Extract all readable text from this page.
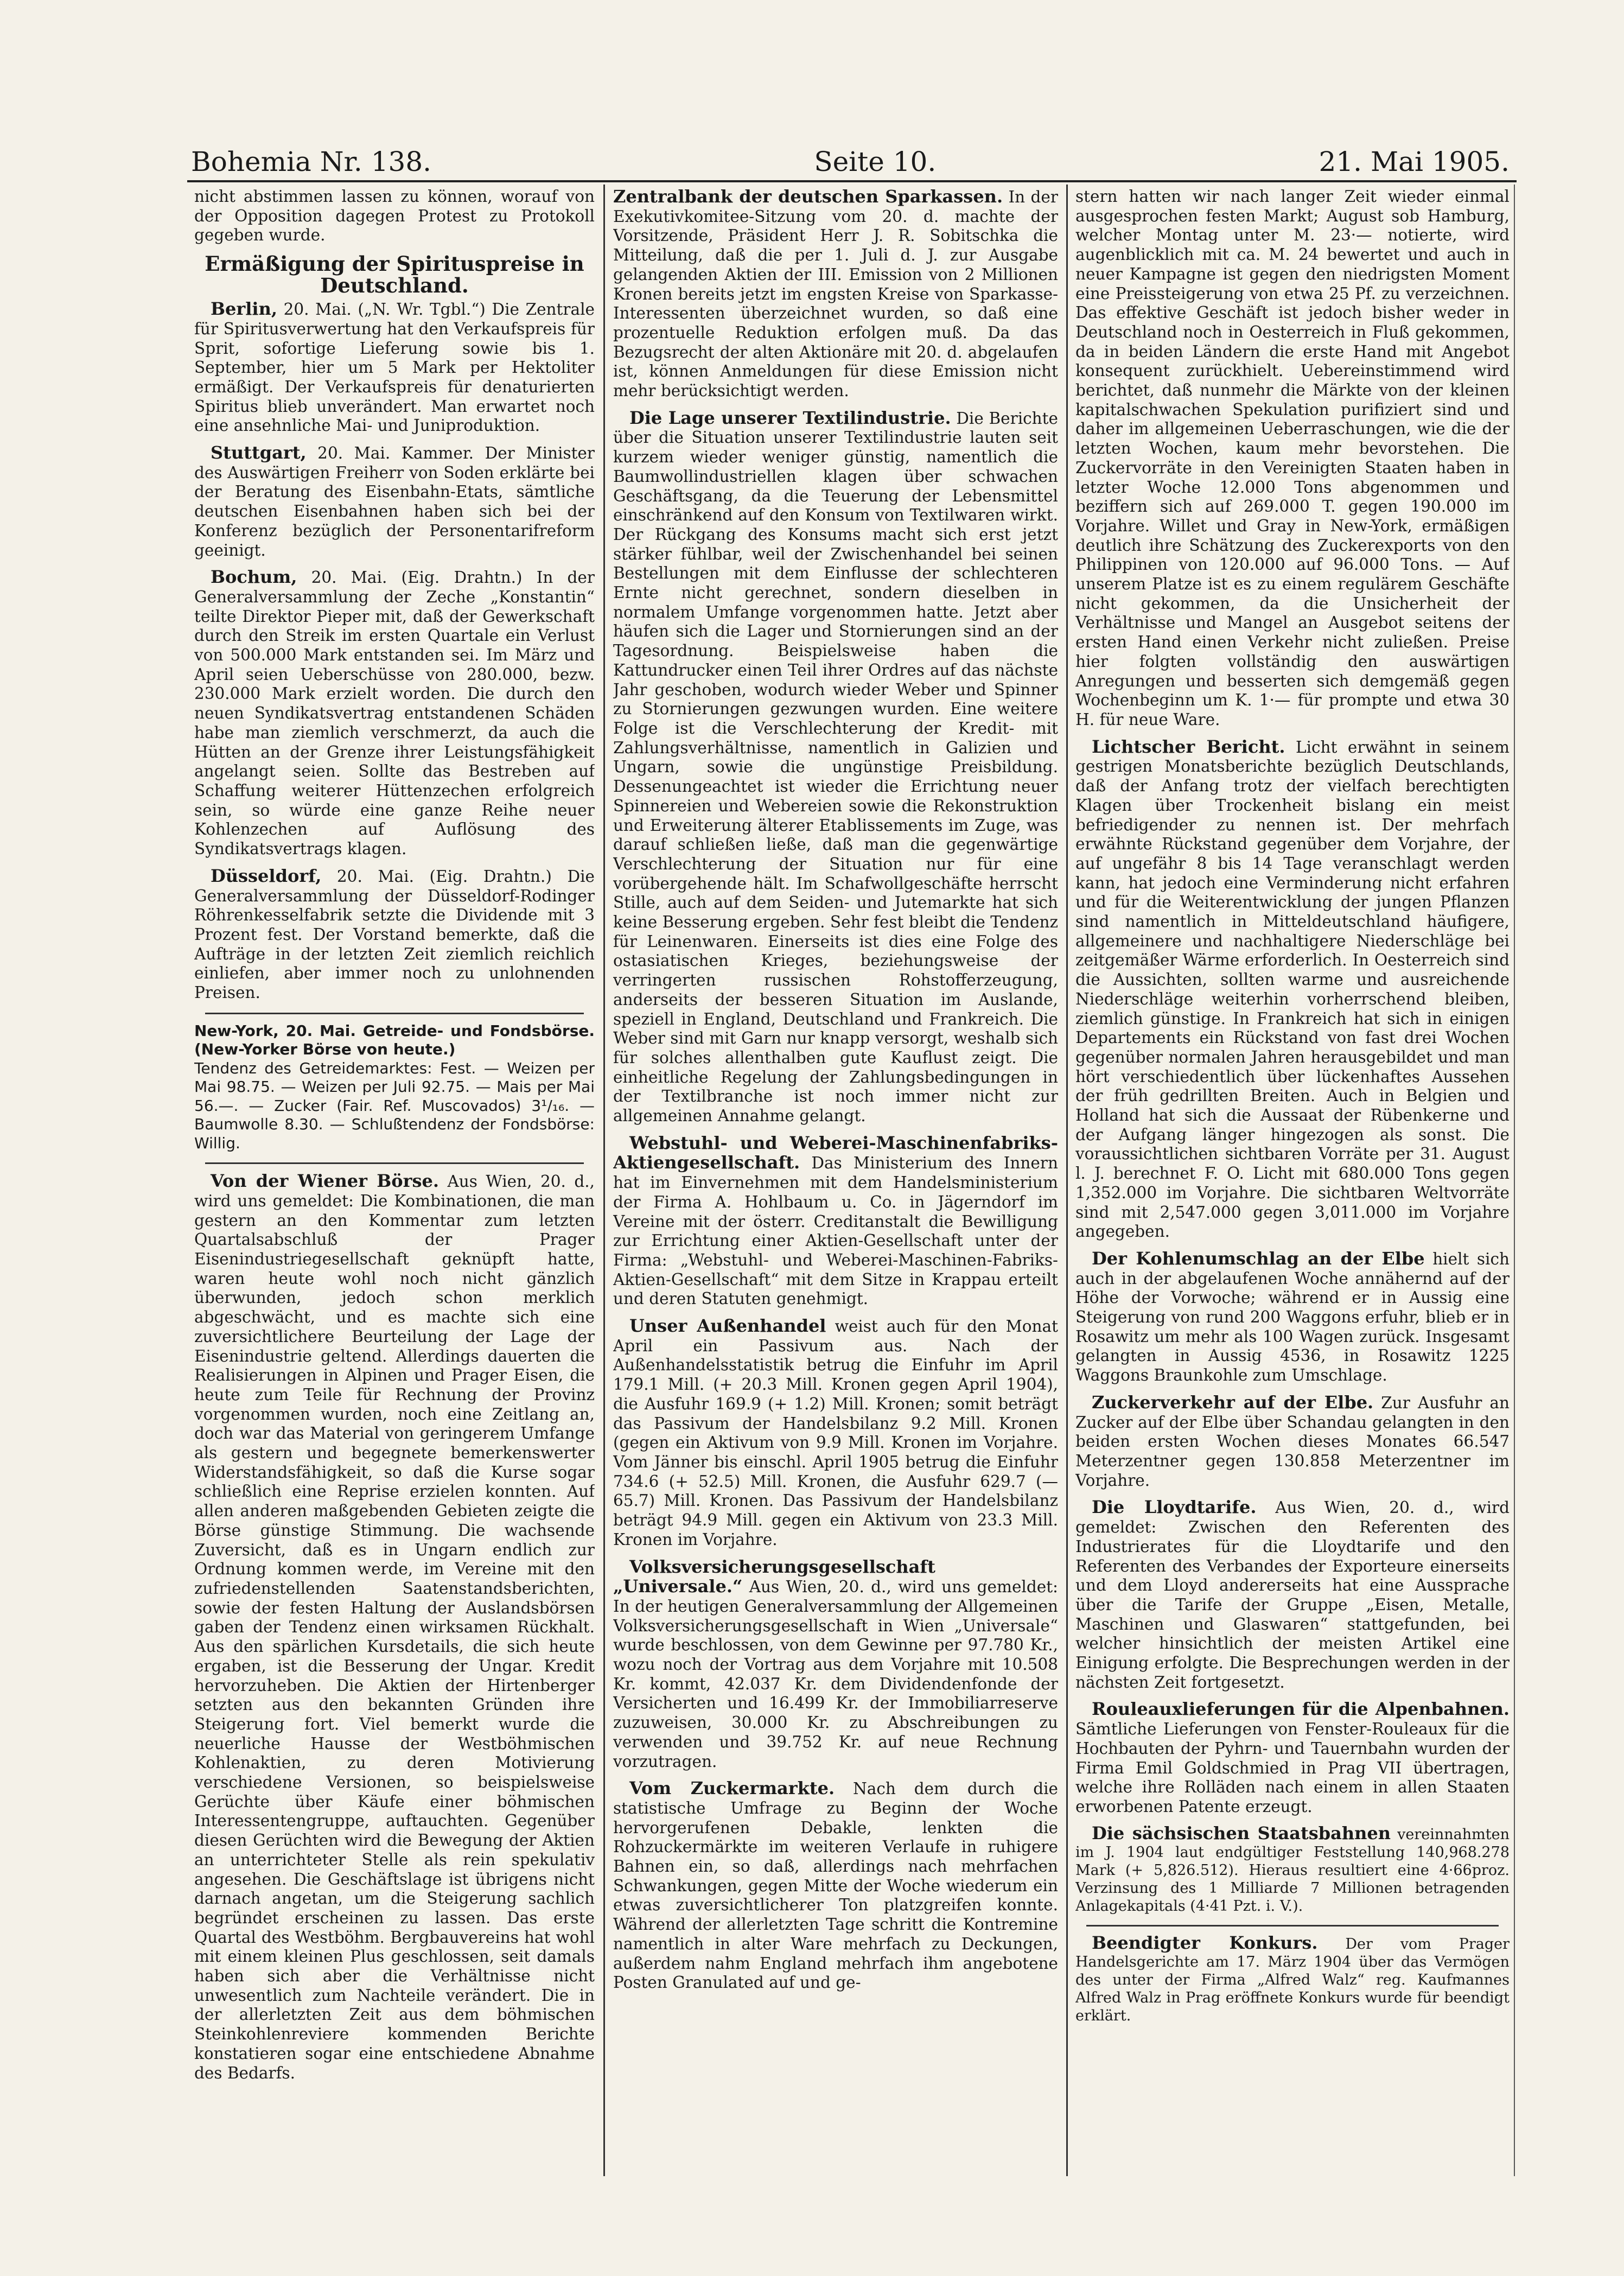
Bohemia Nr. 138.	Seite 10.	21. Mai 1905.

nicht abstimmen lassen zu können, worauf von der Opposition dagegen Protest zu Protokoll gegeben wurde.

Ermäßigung der Spirituspreise in Deutschland.

Berlin, 20. Mai. („N. Wr. Tgbl.“) Die Zentrale für Spiritusverwertung hat den Verkaufspreis für Sprit, sofortige Lieferung sowie bis 1. September, hier um 5 Mark per Hektoliter ermäßigt. Der Verkaufspreis für denaturierten Spiritus blieb unverändert. Man erwartet noch eine ansehnliche Mai- und Juniproduktion.

Stuttgart, 20. Mai. Kammer. Der Minister des Auswärtigen Freiherr von Soden erklärte bei der Beratung des Eisenbahn-Etats, sämtliche deutschen Eisenbahnen haben sich bei der Konferenz bezüglich der Personentarifreform geeinigt.

Bochum, 20. Mai. (Eig. Drahtn.) In der Generalversammlung der Zeche „Konstantin“ teilte Direktor Pieper mit, daß der Gewerkschaft durch den Streik im ersten Quartale ein Verlust von 500.000 Mark entstanden sei. Im März und April seien Ueberschüsse von 280.000, bezw. 230.000 Mark erzielt worden. Die durch den neuen Syndikatsvertrag entstandenen Schäden habe man ziemlich verschmerzt, da auch die Hütten an der Grenze ihrer Leistungsfähigkeit angelangt seien. Sollte das Bestreben auf Schaffung weiterer Hüttenzechen erfolgreich sein, so würde eine ganze Reihe neuer Kohlenzechen auf Auflösung des Syndikatsvertrags klagen.

Düsseldorf, 20. Mai. (Eig. Drahtn.) Die Generalversammlung der Düsseldorf-Rodinger Röhrenkesselfabrik setzte die Dividende mit 3 Prozent fest. Der Vorstand bemerkte, daß die Aufträge in der letzten Zeit ziemlich reichlich einliefen, aber immer noch zu unlohnenden Preisen.

New-York, 20. Mai. Getreide- und Fondsbörse. (New-Yorker Börse von heute.)
Tendenz des Getreidemarktes: Fest. — Weizen per Mai 98.75. — Weizen per Juli 92.75. — Mais per Mai 56.—. — Zucker (Fair. Ref. Muscovados) 3¹/₁₆. — Baumwolle 8.30. — Schlußtendenz der Fondsbörse: Willig.

Von der Wiener Börse. Aus Wien, 20. d., wird uns gemeldet: Die Kombinationen, die man gestern an den Kommentar zum letzten Quartalsabschluß der Prager Eisenindustriegesellschaft geknüpft hatte, waren heute wohl noch nicht gänzlich überwunden, jedoch schon merklich abgeschwächt, und es machte sich eine zuversichtlichere Beurteilung der Lage der Eisenindustrie geltend. Allerdings dauerten die Realisierungen in Alpinen und Prager Eisen, die heute zum Teile für Rechnung der Provinz vorgenommen wurden, noch eine Zeitlang an, doch war das Material von geringerem Umfange als gestern und begegnete bemerkenswerter Widerstandsfähigkeit, so daß die Kurse sogar schließlich eine Reprise erzielen konnten. Auf allen anderen maßgebenden Gebieten zeigte die Börse günstige Stimmung. Die wachsende Zuversicht, daß es in Ungarn endlich zur Ordnung kommen werde, im Vereine mit den zufriedenstellenden Saatenstandsberichten, sowie der festen Haltung der Auslandsbörsen gaben der Tendenz einen wirksamen Rückhalt. Aus den spärlichen Kursdetails, die sich heute ergaben, ist die Besserung der Ungar. Kredit hervorzuheben. Die Aktien der Hirtenberger setzten aus den bekannten Gründen ihre Steigerung fort. Viel bemerkt wurde die neuerliche Hausse der Westböhmischen Kohlenaktien, zu deren Motivierung verschiedene Versionen, so beispielsweise Gerüchte über Käufe einer böhmischen Interessentengruppe, auftauchten. Gegenüber diesen Gerüchten wird die Bewegung der Aktien an unterrichteter Stelle als rein spekulativ angesehen. Die Geschäftslage ist übrigens nicht darnach angetan, um die Steigerung sachlich begründet erscheinen zu lassen. Das erste Quartal des Westböhm. Bergbauvereins hat wohl mit einem kleinen Plus geschlossen, seit damals haben sich aber die Verhältnisse nicht unwesentlich zum Nachteile verändert. Die in der allerletzten Zeit aus dem böhmischen Steinkohlenreviere kommenden Berichte konstatieren sogar eine entschiedene Abnahme des Bedarfs.

Zentralbank der deutschen Sparkassen. In der Exekutivkomitee-Sitzung vom 20. d. machte der Vorsitzende, Präsident Herr J. R. Sobitschka die Mitteilung, daß die per 1. Juli d. J. zur Ausgabe gelangenden Aktien der III. Emission von 2 Millionen Kronen bereits jetzt im engsten Kreise von Sparkasse-Interessenten überzeichnet wurden, so daß eine prozentuelle Reduktion erfolgen muß. Da das Bezugsrecht der alten Aktionäre mit 20. d. abgelaufen ist, können Anmeldungen für diese Emission nicht mehr berücksichtigt werden.

Die Lage unserer Textilindustrie. Die Berichte über die Situation unserer Textilindustrie lauten seit kurzem wieder weniger günstig, namentlich die Baumwollindustriellen klagen über schwachen Geschäftsgang, da die Teuerung der Lebensmittel einschränkend auf den Konsum von Textilwaren wirkt. Der Rückgang des Konsums macht sich erst jetzt stärker fühlbar, weil der Zwischenhandel bei seinen Bestellungen mit dem Einflusse der schlechteren Ernte nicht gerechnet, sondern dieselben in normalem Umfange vorgenommen hatte. Jetzt aber häufen sich die Lager und Stornierungen sind an der Tagesordnung. Beispielsweise haben die Kattundrucker einen Teil ihrer Ordres auf das nächste Jahr geschoben, wodurch wieder Weber und Spinner zu Stornierungen gezwungen wurden. Eine weitere Folge ist die Verschlechterung der Kredit- mit Zahlungsverhältnisse, namentlich in Galizien und Ungarn, sowie die ungünstige Preisbildung. Dessenungeachtet ist wieder die Errichtung neuer Spinnereien und Webereien sowie die Rekonstruktion und Erweiterung älterer Etablissements im Zuge, was darauf schließen ließe, daß man die gegenwärtige Verschlechterung der Situation nur für eine vorübergehende hält. Im Schafwollgeschäfte herrscht Stille, auch auf dem Seiden- und Jutemarkte hat sich keine Besserung ergeben. Sehr fest bleibt die Tendenz für Leinenwaren. Einerseits ist dies eine Folge des ostasiatischen Krieges, beziehungsweise der verringerten russischen Rohstofferzeugung, anderseits der besseren Situation im Auslande, speziell in England, Deutschland und Frankreich. Die Weber sind mit Garn nur knapp versorgt, weshalb sich für solches allenthalben gute Kauflust zeigt. Die einheitliche Regelung der Zahlungsbedingungen in der Textilbranche ist noch immer nicht zur allgemeinen Annahme gelangt.

Webstuhl- und Weberei-Maschinenfabriks-Aktiengesellschaft. Das Ministerium des Innern hat im Einvernehmen mit dem Handelsministerium der Firma A. Hohlbaum u. Co. in Jägerndorf im Vereine mit der österr. Creditanstalt die Bewilligung zur Errichtung einer Aktien-Gesellschaft unter der Firma: „Webstuhl- und Weberei-Maschinen-Fabriks-Aktien-Gesellschaft“ mit dem Sitze in Krappau erteilt und deren Statuten genehmigt.

Unser Außenhandel weist auch für den Monat April ein Passivum aus. Nach der Außenhandelsstatistik betrug die Einfuhr im April 179.1 Mill. (+ 20.3 Mill. Kronen gegen April 1904), die Ausfuhr 169.9 (+ 1.2) Mill. Kronen; somit beträgt das Passivum der Handelsbilanz 9.2 Mill. Kronen (gegen ein Aktivum von 9.9 Mill. Kronen im Vorjahre. Vom Jänner bis einschl. April 1905 betrug die Einfuhr 734.6 (+ 52.5) Mill. Kronen, die Ausfuhr 629.7 (— 65.7) Mill. Kronen. Das Passivum der Handelsbilanz beträgt 94.9 Mill. gegen ein Aktivum von 23.3 Mill. Kronen im Vorjahre.

Volksversicherungsgesellschaft „Universale.“ Aus Wien, 20. d., wird uns gemeldet: In der heutigen Generalversammlung der Allgemeinen Volksversicherungsgesellschaft in Wien „Universale“ wurde beschlossen, von dem Gewinne per 97.780 Kr., wozu noch der Vortrag aus dem Vorjahre mit 10.508 Kr. kommt, 42.037 Kr. dem Dividendenfonde der Versicherten und 16.499 Kr. der Immobiliarreserve zuzuweisen, 30.000 Kr. zu Abschreibungen zu verwenden und 39.752 Kr. auf neue Rechnung vorzutragen.

Vom Zuckermarkte. Nach dem durch die statistische Umfrage zu Beginn der Woche hervorgerufenen Debakle, lenkten die Rohzuckermärkte im weiteren Verlaufe in ruhigere Bahnen ein, so daß, allerdings nach mehrfachen Schwankungen, gegen Mitte der Woche wiederum ein etwas zuversichtlicherer Ton platzgreifen konnte. Während der allerletzten Tage schritt die Kontremine namentlich in alter Ware mehrfach zu Deckungen, außerdem nahm England mehrfach ihm angebotene Posten Granulated auf und ge-

stern hatten wir nach langer Zeit wieder einmal ausgesprochen festen Markt; August sob Hamburg, welcher Montag unter M. 23·— notierte, wird augenblicklich mit ca. M. 24 bewertet und auch in neuer Kampagne ist gegen den niedrigsten Moment eine Preissteigerung von etwa 25 Pf. zu verzeichnen. Das effektive Geschäft ist jedoch bisher weder in Deutschland noch in Oesterreich in Fluß gekommen, da in beiden Ländern die erste Hand mit Angebot konsequent zurückhielt. Uebereinstimmend wird berichtet, daß nunmehr die Märkte von der kleinen kapitalschwachen Spekulation purifiziert sind und daher im allgemeinen Ueberraschungen, wie die der letzten Wochen, kaum mehr bevorstehen. Die Zuckervorräte in den Vereinigten Staaten haben in letzter Woche 12.000 Tons abgenommen und beziffern sich auf 269.000 T. gegen 190.000 im Vorjahre. Willet und Gray in New-York, ermäßigen deutlich ihre Schätzung des Zuckerexports von den Philippinen von 120.000 auf 96.000 Tons. — Auf unserem Platze ist es zu einem regulärem Geschäfte nicht gekommen, da die Unsicherheit der Verhältnisse und Mangel an Ausgebot seitens der ersten Hand einen Verkehr nicht zuließen. Preise hier folgten vollständig den auswärtigen Anregungen und besserten sich demgemäß gegen Wochenbeginn um K. 1·— für prompte und etwa 30 H. für neue Ware.

Lichtscher Bericht. Licht erwähnt in seinem gestrigen Monatsberichte bezüglich Deutschlands, daß der Anfang trotz der vielfach berechtigten Klagen über Trockenheit bislang ein meist befriedigender zu nennen ist. Der mehrfach erwähnte Rückstand gegenüber dem Vorjahre, der auf ungefähr 8 bis 14 Tage veranschlagt werden kann, hat jedoch eine Verminderung nicht erfahren und für die Weiterentwicklung der jungen Pflanzen sind namentlich in Mitteldeutschland häufigere, allgemeinere und nachhaltigere Niederschläge bei zeitgemäßer Wärme erforderlich. In Oesterreich sind die Aussichten, sollten warme und ausreichende Niederschläge weiterhin vorherrschend bleiben, ziemlich günstige. In Frankreich hat sich in einigen Departements ein Rückstand von fast drei Wochen gegenüber normalen Jahren herausgebildet und man hört verschiedentlich über lückenhaftes Aussehen der früh gedrillten Breiten. Auch in Belgien und Holland hat sich die Aussaat der Rübenkerne und der Aufgang länger hingezogen als sonst. Die voraussichtlichen sichtbaren Vorräte per 31. August l. J. berechnet F. O. Licht mit 680.000 Tons gegen 1,352.000 im Vorjahre. Die sichtbaren Weltvorräte sind mit 2,547.000 gegen 3,011.000 im Vorjahre angegeben.

Der Kohlenumschlag an der Elbe hielt sich auch in der abgelaufenen Woche annähernd auf der Höhe der Vorwoche; während er in Aussig eine Steigerung von rund 200 Waggons erfuhr, blieb er in Rosawitz um mehr als 100 Wagen zurück. Insgesamt gelangten in Aussig 4536, in Rosawitz 1225 Waggons Braunkohle zum Umschlage.

Zuckerverkehr auf der Elbe. Zur Ausfuhr an Zucker auf der Elbe über Schandau gelangten in den beiden ersten Wochen dieses Monates 66.547 Meterzentner gegen 130.858 Meterzentner im Vorjahre.

Die Lloydtarife. Aus Wien, 20. d., wird gemeldet: Zwischen den Referenten des Industrierates für die Lloydtarife und den Referenten des Verbandes der Exporteure einerseits und dem Lloyd andererseits hat eine Aussprache über die Tarife der Gruppe „Eisen, Metalle, Maschinen und Glaswaren“ stattgefunden, bei welcher hinsichtlich der meisten Artikel eine Einigung erfolgte. Die Besprechungen werden in der nächsten Zeit fortgesetzt.

Rouleauxlieferungen für die Alpenbahnen. Sämtliche Lieferungen von Fenster-Rouleaux für die Hochbauten der Pyhrn- und Tauernbahn wurden der Firma Emil Goldschmied in Prag VII übertragen, welche ihre Rolläden nach einem in allen Staaten erworbenen Patente erzeugt.

Die sächsischen Staatsbahnen vereinnahmten im J. 1904 laut endgültiger Feststellung 140,968.278 Mark (+ 5,826.512). Hieraus resultiert eine 4·66proz. Verzinsung des 1 Milliarde 7 Millionen betragenden Anlagekapitals (4·41 Pzt. i. V.).

Beendigter Konkurs. Der vom Prager Handelsgerichte am 17. März 1904 über das Vermögen des unter der Firma „Alfred Walz“ reg. Kaufmannes Alfred Walz in Prag eröffnete Konkurs wurde für beendigt erklärt.
